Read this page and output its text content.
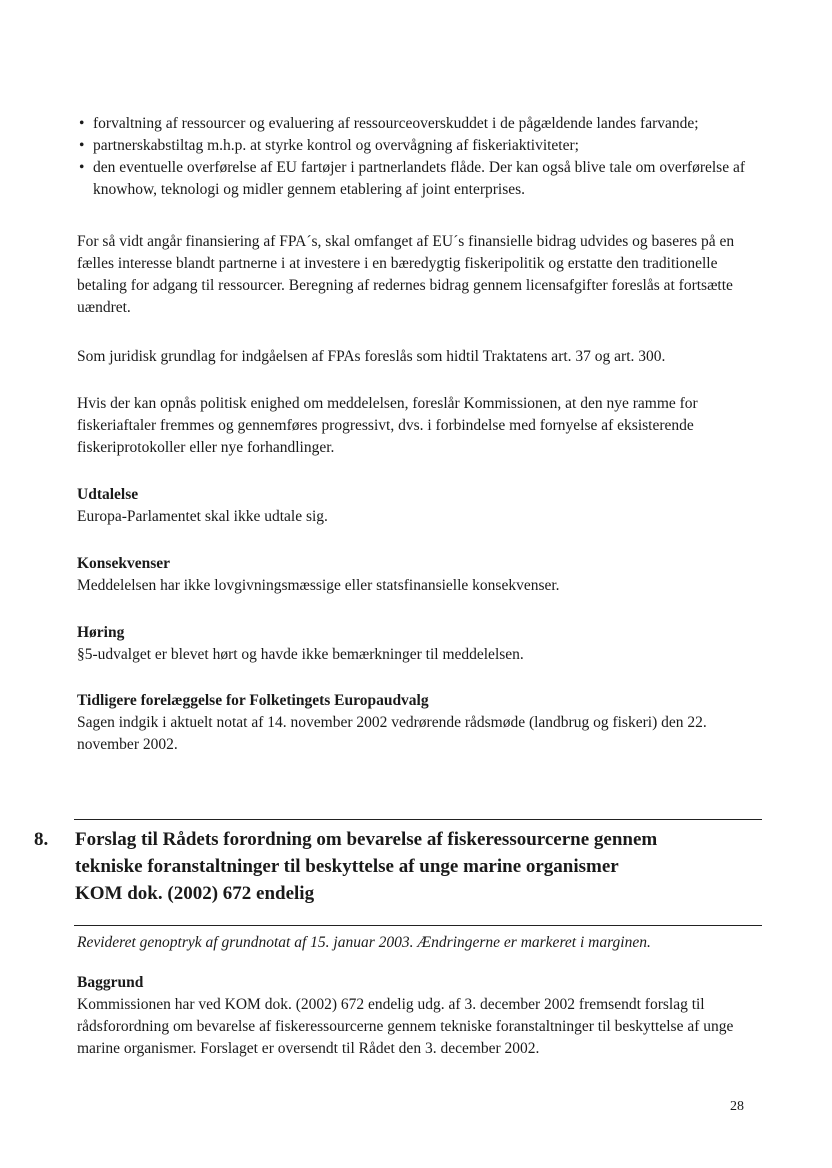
• forvaltning af ressourcer og evaluering af ressourceoverskuddet i de pågældende landes farvande;
• partnerskabstiltag m.h.p. at styrke kontrol og overvågning af fiskeriaktiviteter;
• den eventuelle overførelse af EU fartøjer i partnerlandets flåde. Der kan også blive tale om overførelse af knowhow, teknologi og midler gennem etablering af joint enterprises.

For så vidt angår finansiering af FPA´s, skal omfanget af EU´s finansielle bidrag udvides og baseres på en fælles interesse blandt partnerne i at investere i en bæredygtig fiskeripolitik og erstatte den traditionelle betaling for adgang til ressourcer. Beregning af redernes bidrag gennem licensafgifter foreslås at fortsætte uændret.

Som juridisk grundlag for indgåelsen af FPAs foreslås som hidtil Traktatens art. 37 og art. 300.

Hvis der kan opnås politisk enighed om meddelelsen, foreslår Kommissionen, at den nye ramme for fiskeriaftaler fremmes og gennemføres progressivt, dvs. i forbindelse med fornyelse af eksisterende fiskeriprotokoller eller nye forhandlinger.

Udtalelse

Europa-Parlamentet skal ikke udtale sig.

Konsekvenser

Meddelelsen har ikke lovgivningsmæssige eller statsfinansielle konsekvenser.

Høring

§5-udvalget er blevet hørt og havde ikke bemærkninger til meddelelsen.

Tidligere forelæggelse for Folketingets Europaudvalg

Sagen indgik i aktuelt notat af 14. november 2002 vedrørende rådsmøde (landbrug og fiskeri) den 22. november 2002.

8. Forslag til Rådets forordning om bevarelse af fiskeressourcerne gennem
tekniske foranstaltninger til beskyttelse af unge marine organismer
KOM dok. (2002) 672 endelig

Revideret genoptryk af grundnotat af 15. januar 2003. Ændringerne er markeret i marginen.

Baggrund

Kommissionen har ved KOM dok. (2002) 672 endelig udg. af 3. december 2002 fremsendt forslag til rådsforordning om bevarelse af fiskeressourcerne gennem tekniske foranstaltninger til beskyttelse af unge marine organismer. Forslaget er oversendt til Rådet den 3. december 2002.

28
